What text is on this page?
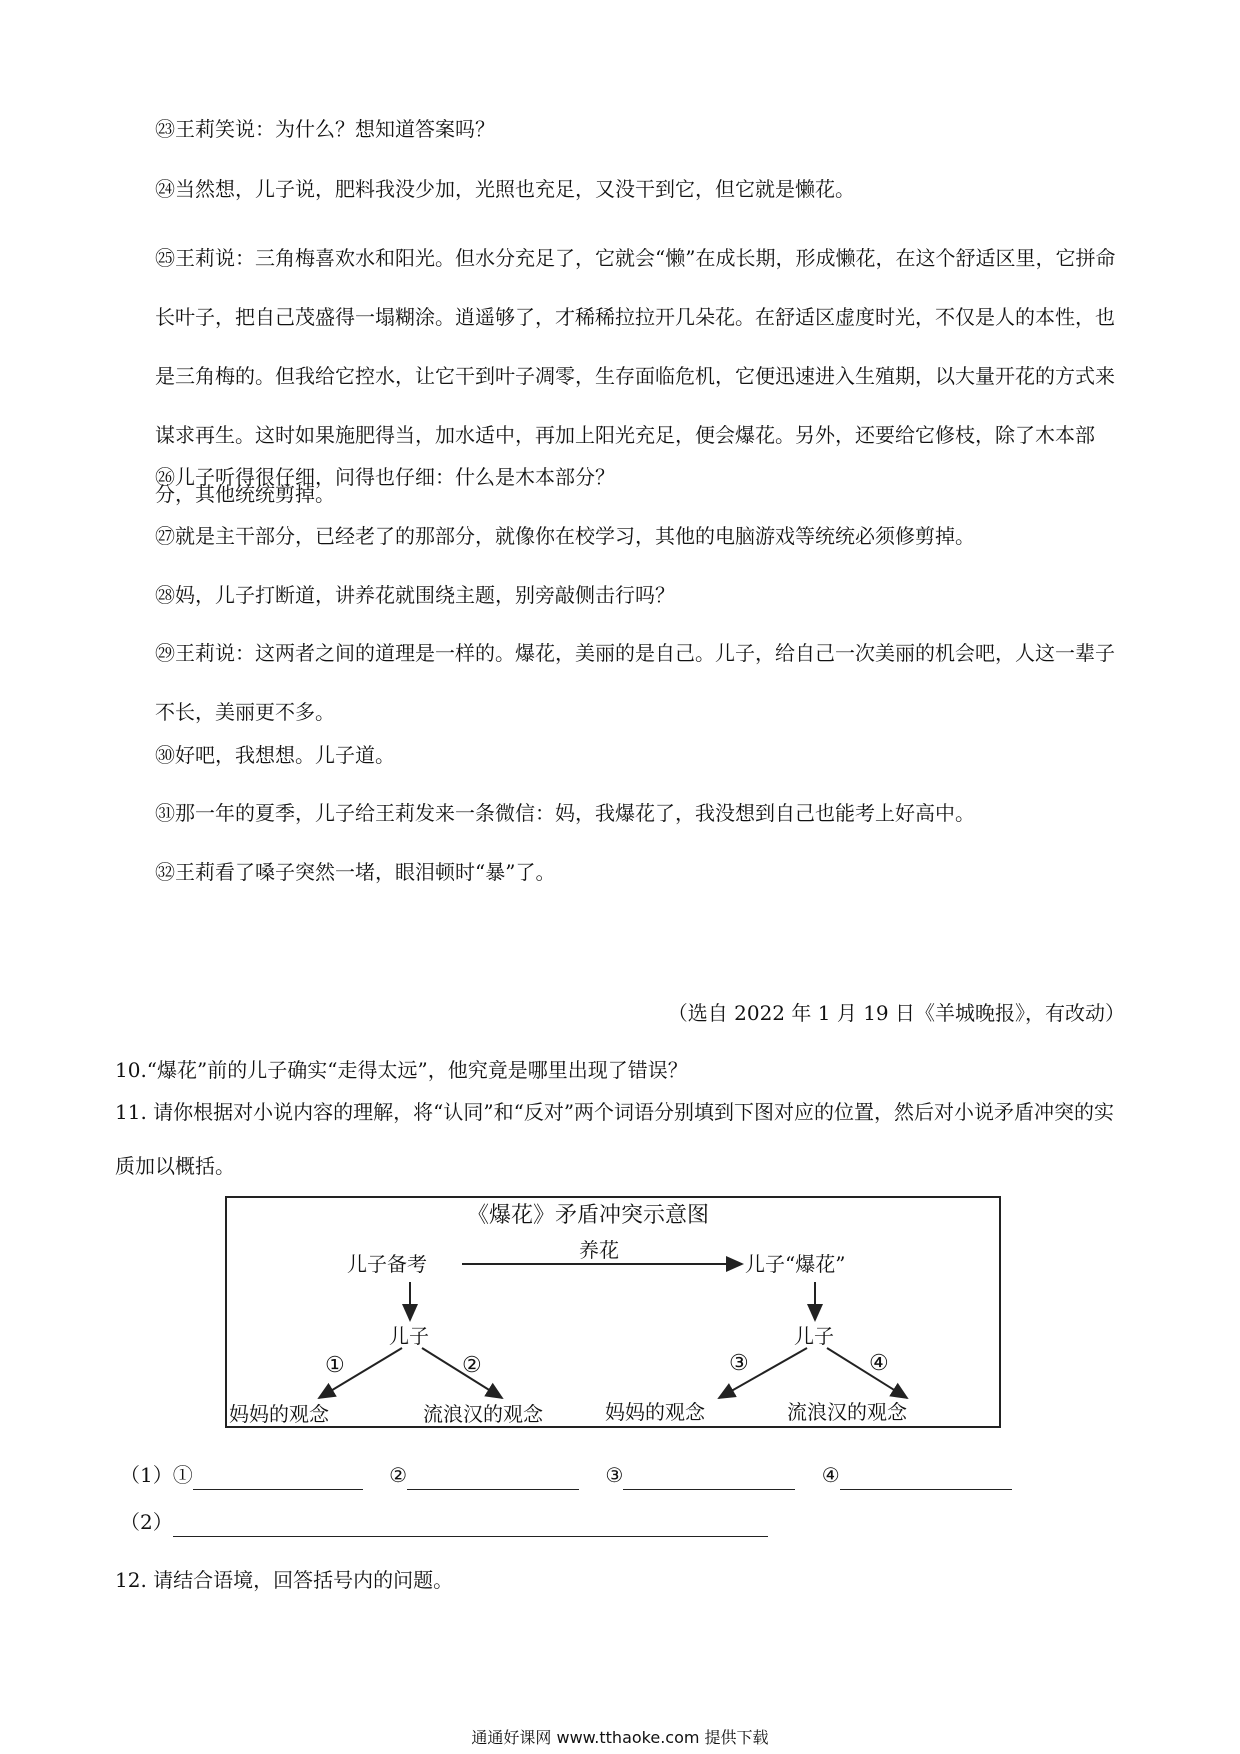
㉓王莉笑说：为什么？想知道答案吗？

㉔当然想，儿子说，肥料我没少加，光照也充足，又没干到它，但它就是懒花。

㉕王莉说：三角梅喜欢水和阳光。但水分充足了，它就会“懒”在成长期，形成懒花，在这个舒适区里，它拼命长叶子，把自己茂盛得一塌糊涂。逍遥够了，才稀稀拉拉开几朵花。在舒适区虚度时光，不仅是人的本性，也是三角梅的。但我给它控水，让它干到叶子凋零，生存面临危机，它便迅速进入生殖期，以大量开花的方式来谋求再生。这时如果施肥得当，加水适中，再加上阳光充足，便会爆花。另外，还要给它修枝，除了木本部分，其他统统剪掉。

㉖儿子听得很仔细，问得也仔细：什么是木本部分？

㉗就是主干部分，已经老了的那部分，就像你在校学习，其他的电脑游戏等统统必须修剪掉。

㉘妈，儿子打断道，讲养花就围绕主题，别旁敲侧击行吗？

㉙王莉说：这两者之间的道理是一样的。爆花，美丽的是自己。儿子，给自己一次美丽的机会吧，人这一辈子不长，美丽更不多。

㉚好吧，我想想。儿子道。

㉛那一年的夏季，儿子给王莉发来一条微信：妈，我爆花了，我没想到自己也能考上好高中。

㉜王莉看了嗓子突然一堵，眼泪顿时“暴”了。

（选自 2022 年 1 月 19 日《羊城晚报》，有改动）

10.“爆花”前的儿子确实“走得太远”，他究竟是哪里出现了错误？

11. 请你根据对小说内容的理解，将“认同”和“反对”两个词语分别填到下图对应的位置，然后对小说矛盾冲突的实质加以概括。

《爆花》矛盾冲突示意图
儿子备考
养花
儿子“爆花”
儿子	儿子
①	②	③	④
妈妈的观念	流浪汉的观念	妈妈的观念	流浪汉的观念
（1）①	②	③	④
（2）

12. 请结合语境，回答括号内的问题。

通通好课网 www.tthaoke.com 提供下载
